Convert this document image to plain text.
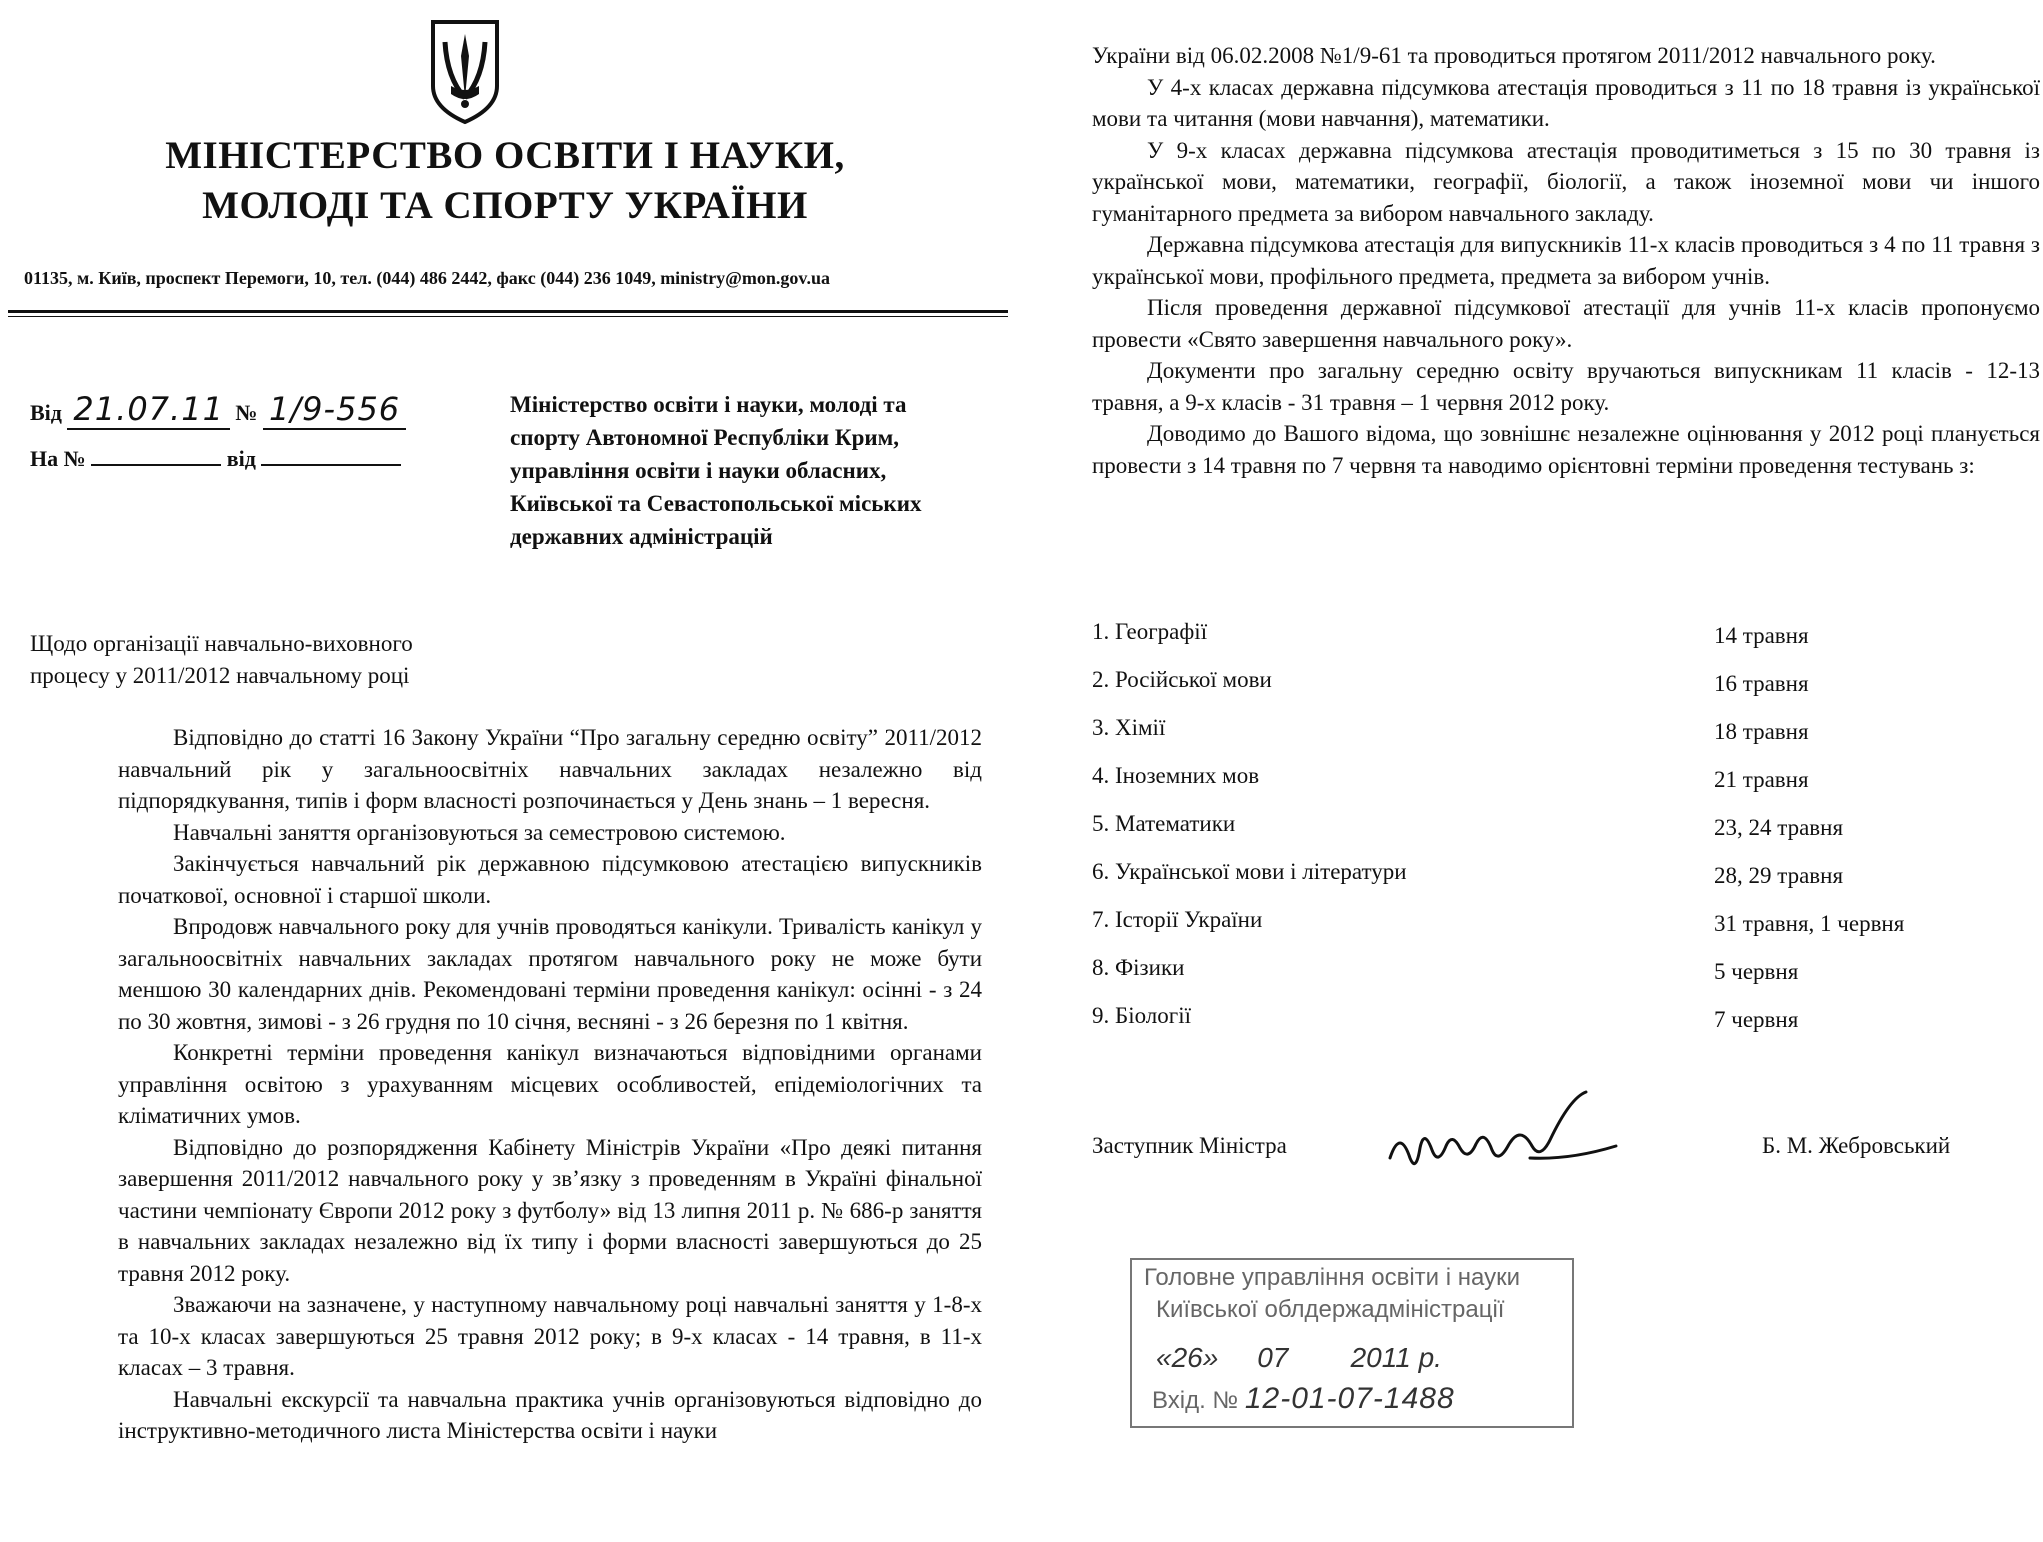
МІНІСТЕРСТВО ОСВІТИ І НАУКИ,
МОЛОДІ ТА СПОРТУ УКРАЇНИ
01135, м. Київ, проспект Перемоги, 10, тел. (044) 486 2442, факс (044) 236 1049, ministry@mon.gov.ua
Від 21.07.11 № 1/9-556
На №	від
Міністерство освіти і науки, молоді та
спорту Автономної Республіки Крим,
управління освіти і науки обласних,
Київської та Севастопольської міських
державних адміністрацій
Щодо організації навчально-виховного
процесу у 2011/2012 навчальному році

Відповідно до статті 16 Закону України “Про загальну середню освіту” 2011/2012 навчальний рік у загальноосвітніх навчальних закладах незалежно від підпорядкування, типів і форм власності розпочинається у День знань – 1 вересня.

Навчальні заняття організовуються за семестровою системою.

Закінчується навчальний рік державною підсумковою атестацією випускників початкової, основної і старшої школи.

Впродовж навчального року для учнів проводяться канікули. Тривалість канікул у загальноосвітніх навчальних закладах протягом навчального року не може бути меншою 30 календарних днів. Рекомендовані терміни проведення канікул: осінні - з 24 по 30 жовтня, зимові - з 26 грудня по 10 січня, весняні - з 26 березня по 1 квітня.

Конкретні терміни проведення канікул визначаються відповідними органами управління освітою з урахуванням місцевих особливостей, епідеміологічних та кліматичних умов.

Відповідно до розпорядження Кабінету Міністрів України «Про деякі питання завершення 2011/2012 навчального року у зв’язку з проведенням в Україні фінальної частини чемпіонату Європи 2012 року з футболу» від 13 липня 2011 р. № 686-р заняття в навчальних закладах незалежно від їх типу і форми власності завершуються до 25 травня 2012 року.

Зважаючи на зазначене, у наступному навчальному році навчальні заняття у 1-8-х та 10-х класах завершуються 25 травня 2012 року; в 9-х класах - 14 травня, в 11-х класах – 3 травня.

Навчальні екскурсії та навчальна практика учнів організовуються відповідно до інструктивно-методичного листа Міністерства освіти і науки

України від 06.02.2008 №1/9-61 та проводиться протягом 2011/2012 навчального року.

У 4-х класах державна підсумкова атестація проводиться з 11 по 18 травня із української мови та читання (мови навчання), математики.

У 9-х класах державна підсумкова атестація проводитиметься з 15 по 30 травня із української мови, математики, географії, біології, а також іноземної мови чи іншого гуманітарного предмета за вибором навчального закладу.

Державна підсумкова атестація для випускників 11-х класів проводиться з 4 по 11 травня з української мови, профільного предмета, предмета за вибором учнів.

Після проведення державної підсумкової атестації для учнів 11-х класів пропонуємо провести «Свято завершення навчального року».

Документи про загальну середню освіту вручаються випускникам 11 класів - 12-13 травня, а 9-х класів - 31 травня – 1 червня 2012 року.

Доводимо до Вашого відома, що зовнішнє незалежне оцінювання у 2012 році планується провести з 14 травня по 7 червня та наводимо орієнтовні терміни проведення тестувань з:

1. Географії	14 травня
2. Російської мови	16 травня
3. Хімії	18 травня
4. Іноземних мов	21 травня
5. Математики	23, 24 травня
6. Української мови і літератури	28, 29 травня
7. Історії України	31 травня, 1 червня
8. Фізики	5 червня
9. Біології	7 червня
Заступник Міністра	Б. М. Жебровський
Головне управління освіти і науки
Київської облдержадміністрації
«26» 07 2011 р.
Вхід. № 12-01-07-1488
